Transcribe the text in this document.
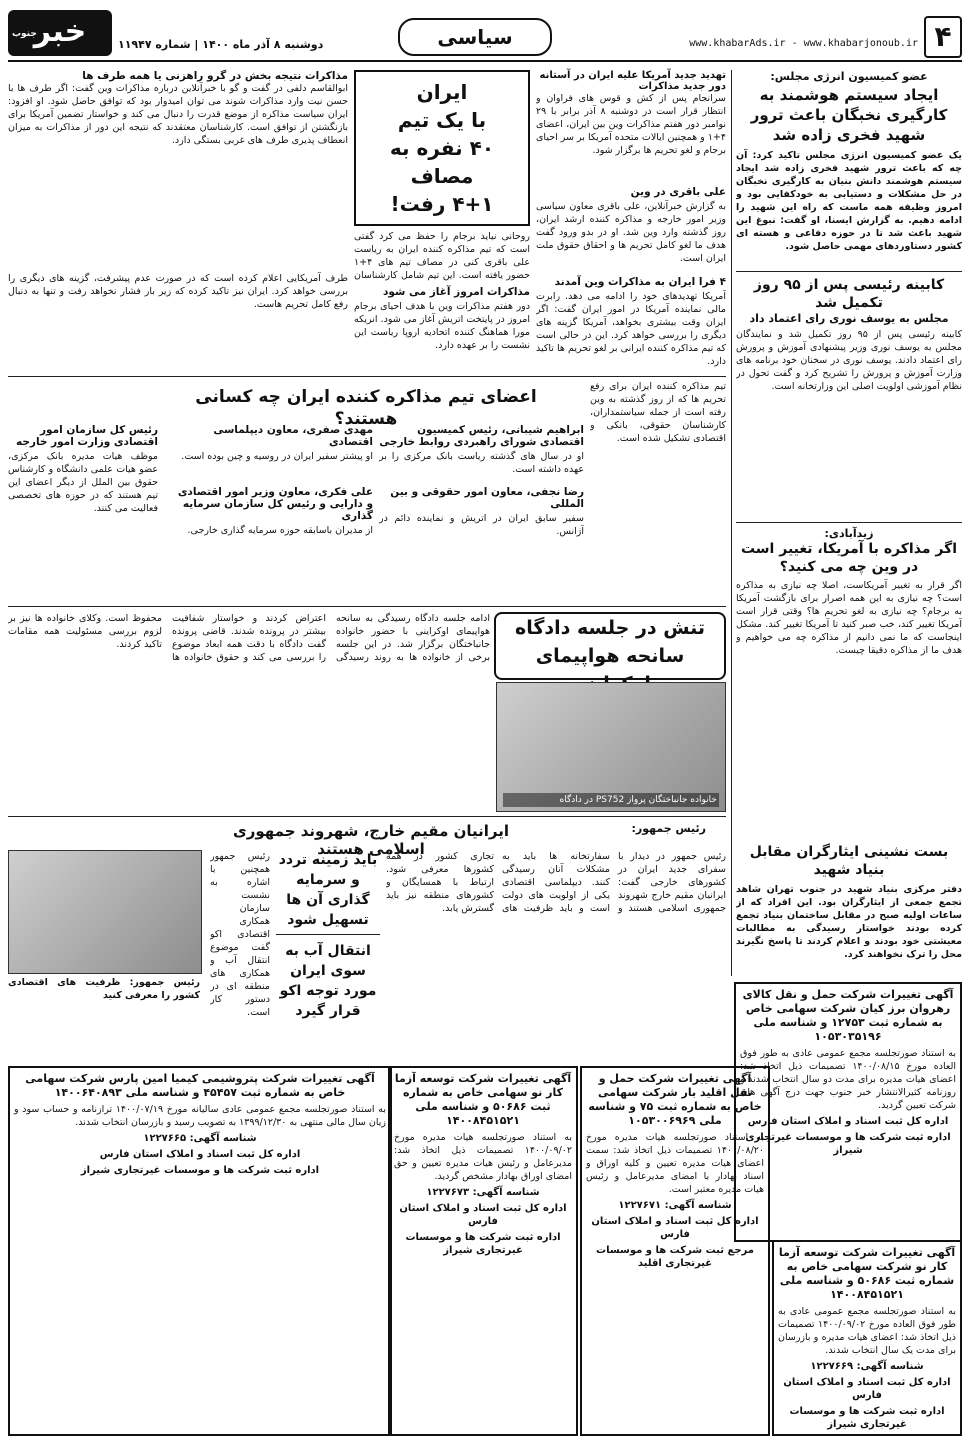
۴
www.khabarAds.ir - www.khabarjonoub.ir
سیاسی
دوشنبه ۸ آذر ماه ۱۴۰۰ | شماره ۱۱۹۴۷
جنوب
خبر
عضو کمیسیون انرژی مجلس:
ایجاد سیستم هوشمند به کارگیری نخبگان باعث ترور شهید فخری زاده شد
یک عضو کمیسیون انرژی مجلس تاکید کرد: آن چه که باعث ترور شهید فخری زاده شد ایجاد سیستم هوشمند دانش بنیان به کارگیری نخبگان در حل مشکلات و دستیابی به خودکفایی بود و امروز وظیفه همه ماست که راه این شهید را ادامه دهیم. به گزارش ایسنا، او گفت: نبوغ این شهید باعث شد تا در حوزه دفاعی و هسته ای کشور دستاوردهای مهمی حاصل شود.
کابینه رئیسی پس از ۹۵ روز تکمیل شد
مجلس به یوسف نوری رای اعتماد داد
کابینه رئیسی پس از ۹۵ روز تکمیل شد و نمایندگان مجلس به یوسف نوری وزیر پیشنهادی آموزش و پرورش رای اعتماد دادند. یوسف نوری در سخنان خود برنامه های وزارت آموزش و پرورش را تشریح کرد و گفت تحول در نظام آموزشی اولویت اصلی این وزارتخانه است.
زیدآبادی:
اگر مذاکره با آمریکا، تغییر است در وین چه می کنید؟
اگر قرار به تغییر آمریکاست، اصلا چه نیازی به مذاکره است؟ چه نیازی به این همه اصرار برای بازگشت آمریکا به برجام؟ چه نیازی به لغو تحریم ها؟ وقتی قرار است آمریکا تغییر کند، خب صبر کنید تا آمریکا تغییر کند. مشکل اینجاست که ما نمی دانیم از مذاکره چه می خواهیم و هدف ما از مذاکره دقیقا چیست.
بست نشینی ایثارگران مقابل بنیاد شهید
دفتر مرکزی بنیاد شهید در جنوب تهران شاهد تجمع جمعی از ایثارگران بود. این افراد که از ساعات اولیه صبح در مقابل ساختمان بنیاد تجمع کرده بودند خواستار رسیدگی به مطالبات معیشتی خود بودند و اعلام کردند تا پاسخ نگیرند محل را ترک نخواهند کرد.
تهدید جدید آمریکا علیه ایران در آستانه دور جدید مذاکرات
سرانجام پس از کش و قوس های فراوان و انتظار قرار است در دوشنبه ۸ آذر برابر با ۲۹ نوامبر دور هفتم مذاکرات وین بین ایران، اعضای ۴+۱ و همچنین ایالات متحده آمریکا بر سر احیای برجام و لغو تحریم ها برگزار شود.
علی باقری در وین
به گزارش خبرآنلاین، علی باقری معاون سیاسی وزیر امور خارجه و مذاکره کننده ارشد ایران، روز گذشته وارد وین شد. او در بدو ورود گفت هدف ما لغو کامل تحریم ها و احقاق حقوق ملت ایران است.
۴ فرا ایران به مذاکرات وین آمدند
آمریکا تهدیدهای خود را ادامه می دهد. رابرت مالی نماینده آمریکا در امور ایران گفت: اگر ایران وقت بیشتری بخواهد، آمریکا گزینه های دیگری را بررسی خواهد کرد. این در حالی است که تیم مذاکره کننده ایرانی بر لغو تحریم ها تاکید دارد.
ایران
با یک تیم
۴۰ نفره به مصاف
۴+۱ رفت!
روحانی نیاید برجام را حفظ می کرد گفتی است که تیم مذاکره کننده ایران به ریاست علی باقری کنی در مصاف تیم های ۴+۱ حضور یافته است. این تیم شامل کارشناسان
مذاکرات امروز آغاز می شود
دور هفتم مذاکرات وین با هدف احیای برجام امروز در پایتخت اتریش آغاز می شود. انریکه مورا هماهنگ کننده اتحادیه اروپا ریاست این نشست را بر عهده دارد.
مذاکرات نتیجه بخش در گرو راهزنی یا همه طرف ها
ابوالقاسم دلفی در گفت و گو با خبرآنلاین درباره مذاکرات وین گفت: اگر طرف ها با حسن نیت وارد مذاکرات شوند می توان امیدوار بود که توافق حاصل شود. او افزود: ایران سیاست مذاکره از موضع قدرت را دنبال می کند و خواستار تضمین آمریکا برای بازنگشتن از توافق است. کارشناسان معتقدند که نتیجه این دور از مذاکرات به میزان انعطاف پذیری طرف های غربی بستگی دارد.
طرف آمریکایی اعلام کرده است که در صورت عدم پیشرفت، گزینه های دیگری را بررسی خواهد کرد. ایران نیز تاکید کرده که زیر بار فشار نخواهد رفت و تنها به دنبال رفع کامل تحریم هاست.
تیم مذاکره کننده ایران برای رفع تحریم ها که از روز گذشته به وین رفته است از جمله سیاستمداران، کارشناسان حقوقی، بانکی و اقتصادی تشکیل شده است.
اعضای تیم مذاکره کننده ایران چه کسانی هستند؟
ابراهیم شیبانی، رئیس کمیسیون اقتصادی شورای راهبردی روابط خارجی
او در سال های گذشته ریاست بانک مرکزی را بر عهده داشته است.
مهدی صفری، معاون دیپلماسی اقتصادی
او پیشتر سفیر ایران در روسیه و چین بوده است.
رضا نجفی، معاون امور حقوقی و بین المللی
سفیر سابق ایران در اتریش و نماینده دائم در آژانس.
علی فکری، معاون وزیر امور اقتصادی و دارایی و رئیس کل سازمان سرمایه گذاری
از مدیران باسابقه حوزه سرمایه گذاری خارجی.
رئیس کل سازمان امور اقتصادی وزارت امور خارجه
موظف هیات مدیره بانک مرکزی، عضو هیات علمی دانشگاه و کارشناس حقوق بین الملل از دیگر اعضای این تیم هستند که در حوزه های تخصصی فعالیت می کنند.
تنش در جلسه دادگاه
سانحه هواپیمای
خانواده جانباختگان پرواز PS752 در دادگاه
ادامه جلسه دادگاه رسیدگی به سانحه هواپیمای اوکراینی با حضور خانواده جانباختگان برگزار شد. در این جلسه برخی از خانواده ها به روند رسیدگی اعتراض کردند و خواستار شفافیت بیشتر در پرونده شدند. قاضی پرونده گفت دادگاه با دقت همه ابعاد موضوع را بررسی می کند و حقوق خانواده ها محفوظ است. وکلای خانواده ها نیز بر لزوم بررسی مسئولیت همه مقامات تاکید کردند.
رئیس جمهور:
ایرانیان مقیم خارج، شهروند جمهوری اسلامی هستند	رئیس جمهور در دیدار با سفرای جدید ایران در کشورهای خارجی گفت: ایرانیان مقیم خارج شهروند جمهوری اسلامی هستند و سفارتخانه ها باید به مشکلات آنان رسیدگی کنند. دیپلماسی اقتصادی یکی از اولویت های دولت است و باید ظرفیت های تجاری کشور در همه کشورها معرفی شود. ارتباط با همسایگان و کشورهای منطقه نیز باید گسترش یابد.
باید زمینه تردد و سرمایه گذاری آن ها تسهیل شود
انتقال آب به سوی ایران مورد توجه اکو قرار گیرد
رئیس جمهور همچنین با اشاره به نشست سازمان همکاری اقتصادی اکو گفت موضوع انتقال آب و همکاری های منطقه ای در دستور کار است.
رئیس جمهور: ظرفیت های اقتصادی کشور را معرفی کنید	آگهی تغییرات شرکت حمل و نقل کالای رهروان برز کیان شرکت سهامی خاص به شماره ثبت ۱۲۷۵۳ و شناسه ملی ۱۰۵۳۰۳۵۱۹۶
به استناد صورتجلسه مجمع عمومی عادی به طور فوق العاده مورخ ۱۴۰۰/۰۸/۱۵ تصمیمات ذیل اتخاذ شد: اعضای هیات مدیره برای مدت دو سال انتخاب شدند و روزنامه کثیرالانتشار خبر جنوب جهت درج آگهی های شرکت تعیین گردید.
اداره کل ثبت اسناد و املاک استان فارس
اداره ثبت شرکت ها و موسسات غیرتجاری شیراز
آگهی تغییرات شرکت توسعه آزما کار نو شرکت سهامی خاص به شماره ثبت ۵۰۶۸۶ و شناسه ملی ۱۴۰۰۸۴۵۱۵۲۱
به استناد صورتجلسه مجمع عمومی عادی به طور فوق العاده مورخ ۱۴۰۰/۰۹/۰۲ تصمیمات ذیل اتخاذ شد: اعضای هیات مدیره و بازرسان برای مدت یک سال انتخاب شدند.
شناسه آگهی: ۱۲۲۷۶۶۹
اداره کل ثبت اسناد و املاک استان فارس
اداره ثبت شرکت ها و موسسات غیرتجاری شیراز
آگهی تغییرات شرکت حمل و نقل اقلید بار شرکت سهامی خاص به شماره ثبت ۷۵ و شناسه ملی ۱۰۵۳۰۰۶۹۶۹
به استناد صورتجلسه هیات مدیره مورخ ۱۴۰۰/۰۸/۲۰ تصمیمات ذیل اتخاذ شد: سمت اعضای هیات مدیره تعیین و کلیه اوراق و اسناد بهادار با امضای مدیرعامل و رئیس هیات مدیره معتبر است.
شناسه آگهی: ۱۲۲۷۶۷۱
اداره کل ثبت اسناد و املاک استان فارس
مرجع ثبت شرکت ها و موسسات غیرتجاری اقلید
آگهی تغییرات شرکت توسعه آزما کار نو سهامی خاص به شماره ثبت ۵۰۶۸۶ و شناسه ملی ۱۴۰۰۸۴۵۱۵۲۱
به استناد صورتجلسه هیات مدیره مورخ ۱۴۰۰/۰۹/۰۲ تصمیمات ذیل اتخاذ شد: مدیرعامل و رئیس هیات مدیره تعیین و حق امضای اوراق بهادار مشخص گردید.
شناسه آگهی: ۱۲۲۷۶۷۳
اداره کل ثبت اسناد و املاک استان فارس
اداره ثبت شرکت ها و موسسات غیرتجاری شیراز
آگهی تغییرات شرکت پتروشیمی کیمیا امین پارس شرکت سهامی خاص به شماره ثبت ۴۵۴۵۷ و شناسه ملی ۱۴۰۰۶۴۰۸۹۳
به استناد صورتجلسه مجمع عمومی عادی سالیانه مورخ ۱۴۰۰/۰۷/۱۹ ترازنامه و حساب سود و زیان سال مالی منتهی به ۱۳۹۹/۱۲/۳۰ به تصویب رسید و بازرسان انتخاب شدند.
شناسه آگهی: ۱۲۲۷۶۶۵
اداره کل ثبت اسناد و املاک استان فارس
اداره ثبت شرکت ها و موسسات غیرتجاری شیراز
